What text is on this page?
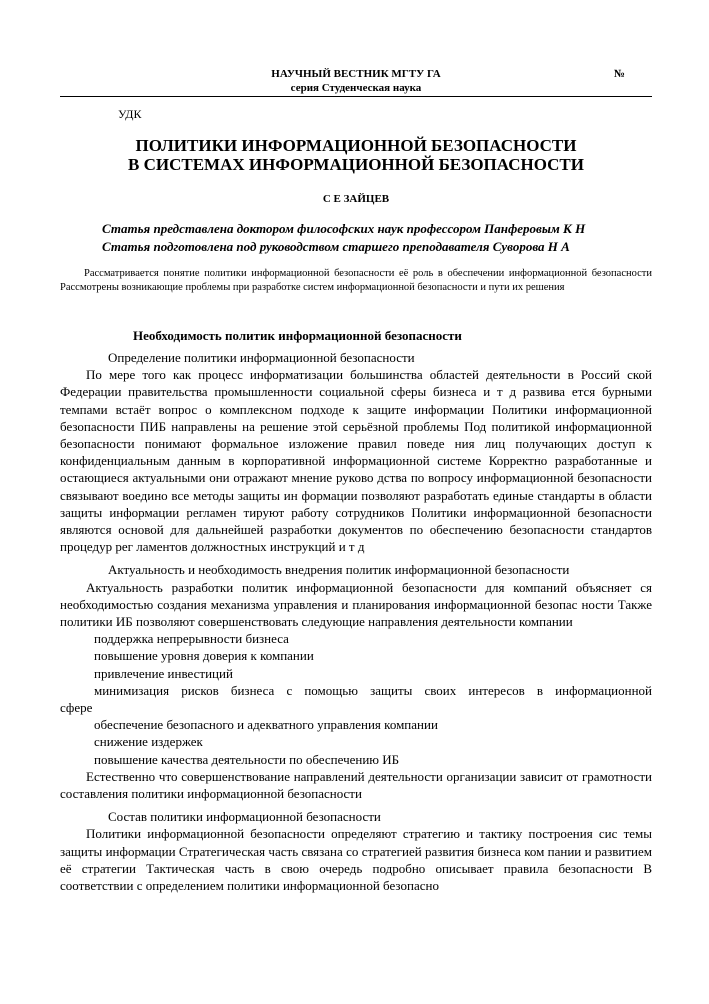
НАУЧНЫЙ ВЕСТНИК МГТУ ГА	№
серия Студенческая наука
УДК
ПОЛИТИКИ ИНФОРМАЦИОННОЙ БЕЗОПАСНОСТИ
В СИСТЕМАХ ИНФОРМАЦИОННОЙ БЕЗОПАСНОСТИ
С Е ЗАЙЦЕВ
Статья представлена доктором философских наук профессором Панферовым К Н
Статья подготовлена под руководством старшего преподавателя Суворова Н А
Рассматривается понятие политики информационной безопасности её роль в обеспечении информационной безопасности Рассмотрены возникающие проблемы при разработке систем информационной безопасности и пути их решения
Необходимость политик информационной безопасности
Определение политики информационной безопасности
По мере того как процесс информатизации большинства областей деятельности в Россий ской Федерации правительства промышленности социальной сферы бизнеса и т д развива ется бурными темпами встаёт вопрос о комплексном подходе к защите информации Политики информационной безопасности ПИБ направлены на решение этой серьёзной проблемы Под политикой информационной безопасности понимают формальное изложение правил поведе ния лиц получающих доступ к конфиденциальным данным в корпоративной информационной системе Корректно разработанные и остающиеся актуальными они отражают мнение руково дства по вопросу информационной безопасности связывают воедино все методы защиты ин формации позволяют разработать единые стандарты в области защиты информации регламен тируют работу сотрудников Политики информационной безопасности являются основой для дальнейшей разработки документов по обеспечению безопасности стандартов процедур рег ламентов должностных инструкций и т д
Актуальность и необходимость внедрения политик информационной безопасности
Актуальность разработки политик информационной безопасности для компаний объясняет ся необходимостью создания механизма управления и планирования информационной безопас ности Также политики ИБ позволяют совершенствовать следующие направления деятельности компании
поддержка непрерывности бизнеса
повышение уровня доверия к компании
привлечение инвестиций
минимизация рисков бизнеса с помощью защиты своих интересов в информационной
сфере
обеспечение безопасного и адекватного управления компании
снижение издержек
повышение качества деятельности по обеспечению ИБ
Естественно что совершенствование направлений деятельности организации зависит от грамотности составления политики информационной безопасности
Состав политики информационной безопасности
Политики информационной безопасности определяют стратегию и тактику построения сис темы защиты информации Стратегическая часть связана со стратегией развития бизнеса ком пании и развитием её стратегии Тактическая часть в свою очередь подробно описывает правила безопасности В соответствии с определением политики информационной безопасно
